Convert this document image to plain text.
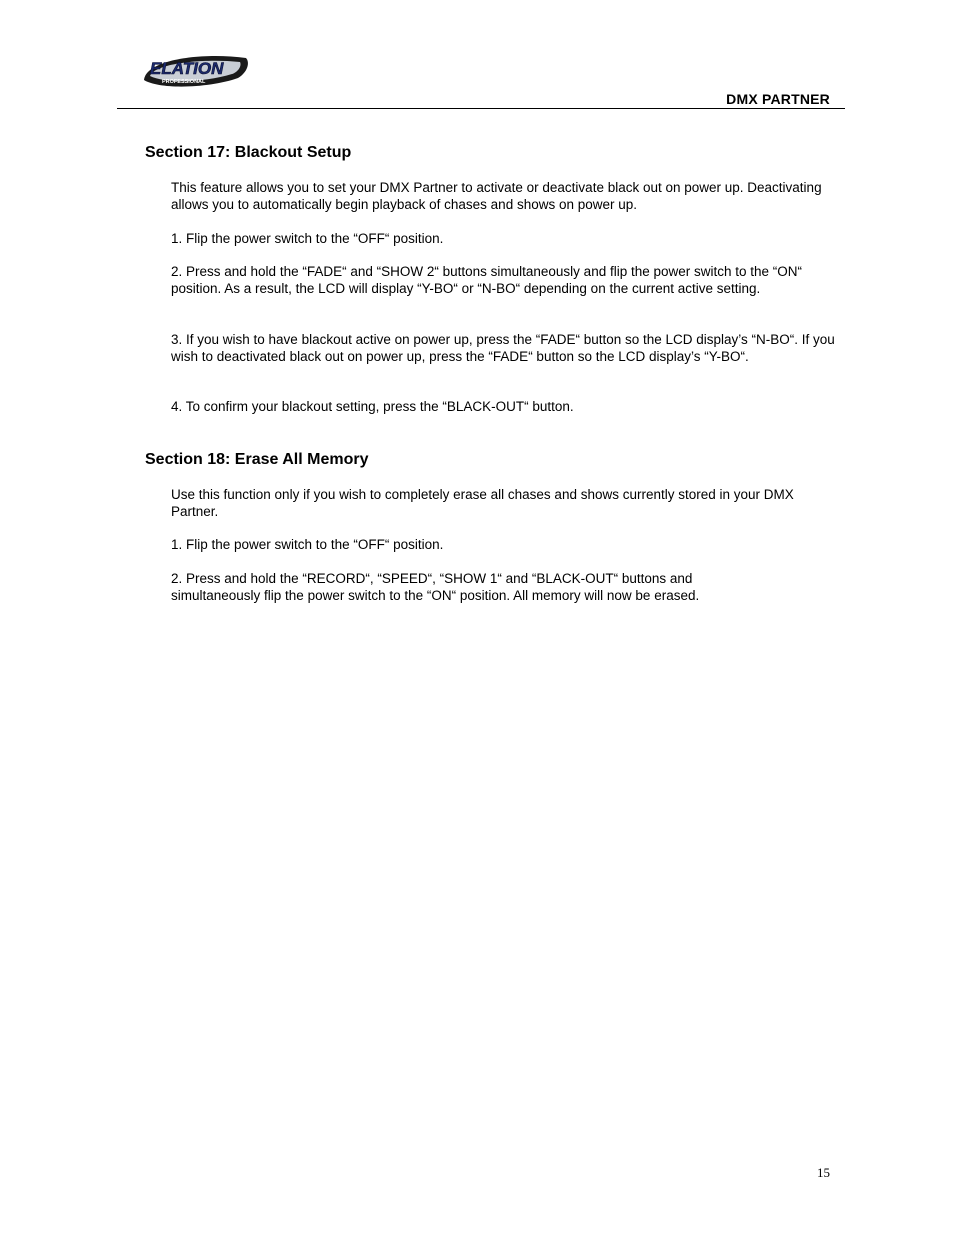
ELATION
PROFESSIONAL
DMX PARTNER
Section 17: Blackout Setup
This feature allows you to set your DMX Partner to activate or deactivate black out on power up. Deactivating allows you to automatically begin playback of chases and shows on power up.
1. Flip the power switch to the “OFF“ position.
2. Press and hold the “FADE“ and “SHOW 2“ buttons simultaneously and flip the power switch to the “ON“ position. As a result, the LCD will display “Y-BO“ or “N-BO“ depending on the current active setting.
3. If you wish to have blackout active on power up, press the “FADE“ button so the LCD display’s “N-BO“. If you wish to deactivated black out on power up, press the “FADE“ button so the LCD display’s “Y-BO“.
4. To confirm your blackout setting, press the “BLACK-OUT“ button.
Section 18: Erase All Memory
Use this function only if you wish to completely erase all chases and shows currently stored in your DMX Partner.
1. Flip the power switch to the “OFF“ position.
2. Press and hold the “RECORD“, “SPEED“, “SHOW 1“ and “BLACK-OUT“ buttons and simultaneously flip the power switch to the “ON“ position. All memory will now be erased.
15
